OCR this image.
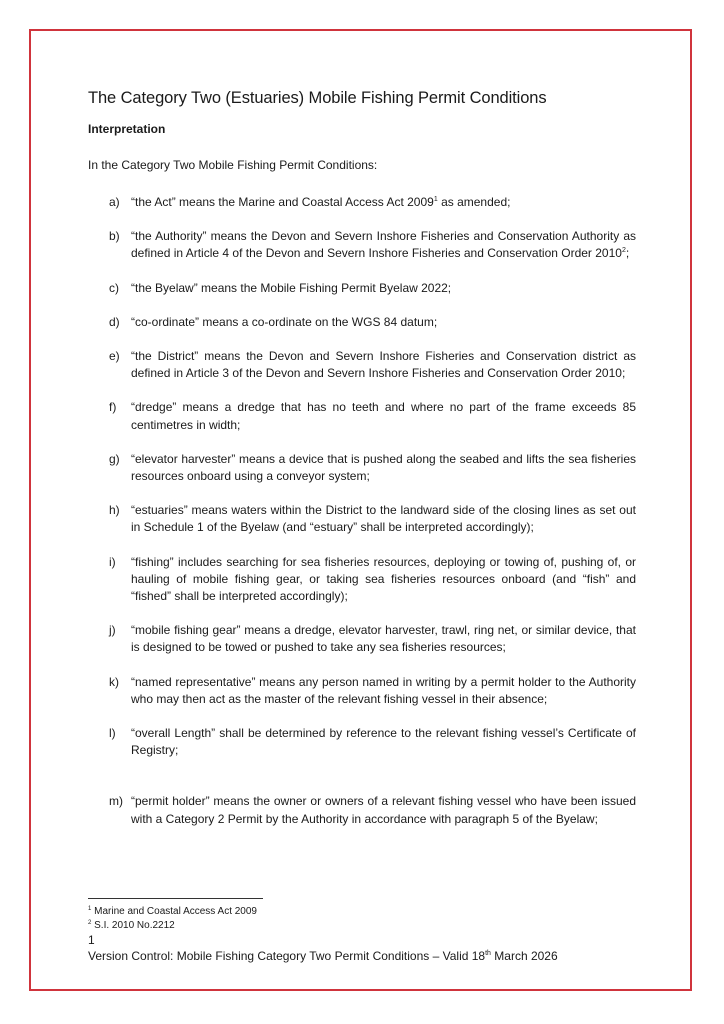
The Category Two (Estuaries) Mobile Fishing Permit Conditions
Interpretation

In the Category Two Mobile Fishing Permit Conditions:

a) “the Act” means the Marine and Coastal Access Act 2009$^1$ as amended;
b) “the Authority” means the Devon and Severn Inshore Fisheries and Conservation Authority as defined in Article 4 of the Devon and Severn Inshore Fisheries and Conservation Order 2010$^2$;
c) “the Byelaw” means the Mobile Fishing Permit Byelaw 2022;
d) “co-ordinate” means a co-ordinate on the WGS 84 datum;
e) “the District” means the Devon and Severn Inshore Fisheries and Conservation district as defined in Article 3 of the Devon and Severn Inshore Fisheries and Conservation Order 2010;
f) “dredge” means a dredge that has no teeth and where no part of the frame exceeds 85 centimetres in width;
g) “elevator harvester” means a device that is pushed along the seabed and lifts the sea fisheries resources onboard using a conveyor system;
h) “estuaries” means waters within the District to the landward side of the closing lines as set out in Schedule 1 of the Byelaw (and “estuary” shall be interpreted accordingly);
i) “fishing” includes searching for sea fisheries resources, deploying or towing of, pushing of, or hauling of mobile fishing gear, or taking sea fisheries resources onboard (and “fish” and “fished” shall be interpreted accordingly);
j) “mobile fishing gear” means a dredge, elevator harvester, trawl, ring net, or similar device, that is designed to be towed or pushed to take any sea fisheries resources;
k) “named representative” means any person named in writing by a permit holder to the Authority who may then act as the master of the relevant fishing vessel in their absence;
l) “overall Length” shall be determined by reference to the relevant fishing vessel’s Certificate of Registry;
m) “permit holder” means the owner or owners of a relevant fishing vessel who have been issued with a Category 2 Permit by the Authority in accordance with paragraph 5 of the Byelaw;
$^1$ Marine and Coastal Access Act 2009
$^2$ S.I. 2010 No.2212
1
Version Control: Mobile Fishing Category Two Permit Conditions – Valid 18th March 2026
